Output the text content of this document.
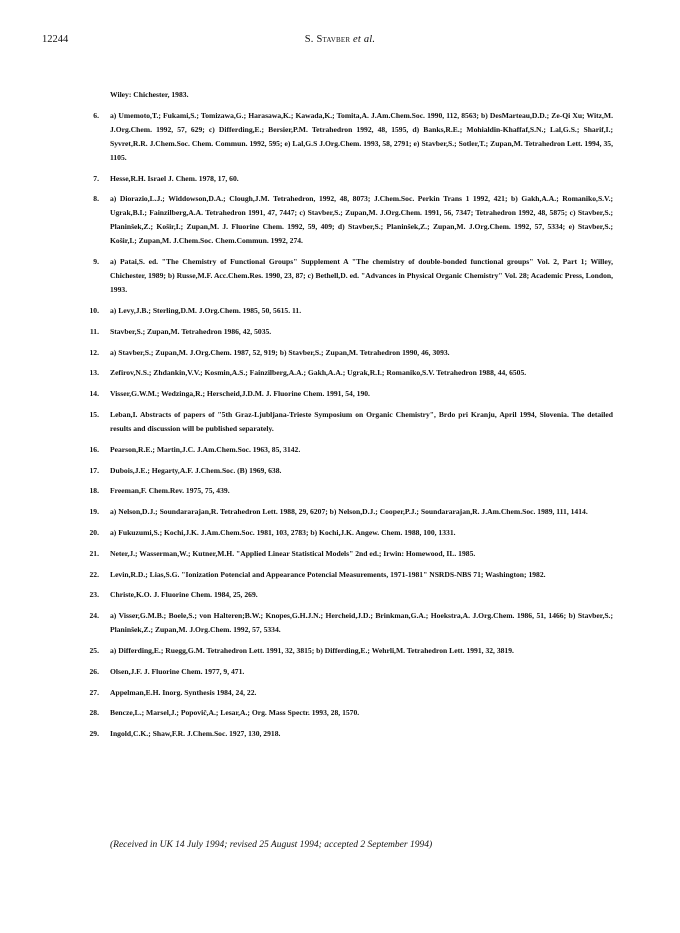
12244	S. Stavber et al.
Wiley: Chichester, 1983.
6. a) Umemoto,T.; Fukami,S.; Tomizawa,G.; Harasawa,K.; Kawada,K.; Tomita,A. J.Am.Chem.Soc. 1990, 112, 8563; b) DesMarteau,D.D.; Ze-Qi Xu; Witz,M. J.Org.Chem. 1992, 57, 629; c) Differding,E.; Bersier,P.M. Tetrahedron 1992, 48, 1595, d) Banks,R.E.; Mohialdin-Khaffaf,S.N.; Lal,G.S.; Sharif,I.; Syvret,R.R. J.Chem.Soc. Chem. Commun. 1992, 595; e) Lal,G.S J.Org.Chem. 1993, 58, 2791; e) Stavber,S.; Sotler,T.; Zupan,M. Tetrahedron Lett. 1994, 35, 1105.
7. Hesse,R.H. Israel J. Chem. 1978, 17, 60.
8. a) Diorazio,L.J.; Widdowson,D.A.; Clough,J.M. Tetrahedron, 1992, 48, 8073; J.Chem.Soc. Perkin Trans 1 1992, 421; b) Gakh,A.A.; Romaniko,S.V.; Ugrak,B.I.; Fainzilberg,A.A. Tetrahedron 1991, 47, 7447; c) Stavber,S.; Zupan,M. J.Org.Chem. 1991, 56, 7347; Tetrahedron 1992, 48, 5875; c) Stavber,S.; Planinšek,Z.; Košir,I.; Zupan,M. J. Fluorine Chem. 1992, 59, 409; d) Stavber,S.; Planinšek,Z.; Zupan,M. J.Org.Chem. 1992, 57, 5334; e) Stavber,S.; Košir,I.; Zupan,M. J.Chem.Soc. Chem.Commun. 1992, 274.
9. a) Patai,S. ed. "The Chemistry of Functional Groups" Supplement A "The chemistry of double-bonded functional groups" Vol. 2, Part 1; Willey, Chichester, 1989; b) Russe,M.F. Acc.Chem.Res. 1990, 23, 87; c) Bethell,D. ed. "Advances in Physical Organic Chemistry" Vol. 28; Academic Press, London, 1993.
10. a) Levy,J.B.; Sterling,D.M. J.Org.Chem. 1985, 50, 5615. 11.
11. Stavber,S.; Zupan,M. Tetrahedron 1986, 42, 5035.
12. a) Stavber,S.; Zupan,M. J.Org.Chem. 1987, 52, 919; b) Stavber,S.; Zupan,M. Tetrahedron 1990, 46, 3093.
13. Zefirov,N.S.; Zhdankin,V.V.; Kosmin,A.S.; Fainzilberg,A.A.; Gakh,A.A.; Ugrak,R.I.; Romaniko,S.V. Tetrahedron 1988, 44, 6505.
14. Visser,G.W.M.; Wedzinga,R.; Herscheid,J.D.M. J. Fluorine Chem. 1991, 54, 190.
15. Leban,I. Abstracts of papers of "5th Graz-Ljubljana-Trieste Symposium on Organic Chemistry", Brdo pri Kranju, April 1994, Slovenia. The detailed results and discussion will be published separately.
16. Pearson,R.E.; Martin,J.C. J.Am.Chem.Soc. 1963, 85, 3142.
17. Dubois,J.E.; Hegarty,A.F. J.Chem.Soc. (B) 1969, 638.
18. Freeman,F. Chem.Rev. 1975, 75, 439.
19. a) Nelson,D.J.; Soundararajan,R. Tetrahedron Lett. 1988, 29, 6207; b) Nelson,D.J.; Cooper,P.J.; Soundararajan,R. J.Am.Chem.Soc. 1989, 111, 1414.
20. a) Fukuzumi,S.; Kochi,J.K. J.Am.Chem.Soc. 1981, 103, 2783; b) Kochi,J.K. Angew. Chem. 1988, 100, 1331.
21. Neter,J.; Wasserman,W.; Kutner,M.H. "Applied Linear Statistical Models" 2nd ed.; Irwin: Homewood, IL. 1985.
22. Levin,R.D.; Lias,S.G. "Ionization Potencial and Appearance Potencial Measurements, 1971-1981" NSRDS-NBS 71; Washington; 1982.
23. Christe,K.O. J. Fluorine Chem. 1984, 25, 269.
24. a) Visser,G.M.B.; Boele,S.; von Halteren;B.W.; Knopes,G.H.J.N.; Hercheid,J.D.; Brinkman,G.A.; Hoekstra,A. J.Org.Chem. 1986, 51, 1466; b) Stavber,S.; Planinšek,Z.; Zupan,M. J.Org.Chem. 1992, 57, 5334.
25. a) Differding,E.; Ruegg,G.M. Tetrahedron Lett. 1991, 32, 3815; b) Differding,E.; Wehrli,M. Tetrahedron Lett. 1991, 32, 3819.
26. Olsen,J.F. J. Fluorine Chem. 1977, 9, 471.
27. Appelman,E.H. Inorg. Synthesis 1984, 24, 22.
28. Bencze,L.; Marsel,J.; Popovič,A.; Lesar,A.; Org. Mass Spectr. 1993, 28, 1570.
29. Ingold,C.K.; Shaw,F.R. J.Chem.Soc. 1927, 130, 2918.
(Received in UK 14 July 1994; revised 25 August 1994; accepted 2 September 1994)
